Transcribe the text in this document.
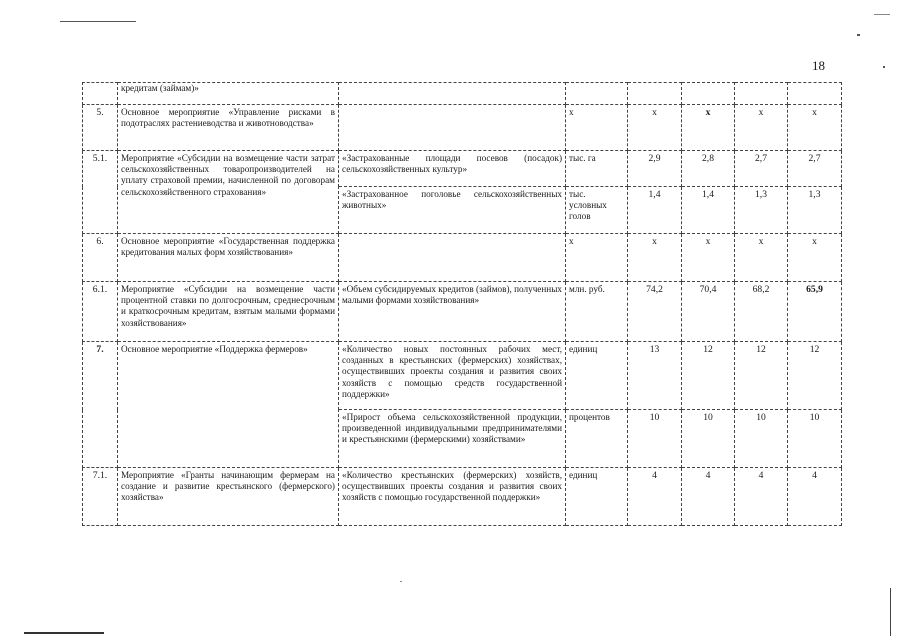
18
	кредитам (займам)»						
5.	Основное мероприятие «Управление рисками в подотраслях растениеводства и животноводства»		х	х	х	х	х
5.1.	Мероприятие «Субсидии на возмещение части затрат сельскохозяйственных товаропроизводителей на уплату страховой премии, начисленной по договорам сельскохозяйственного страхования»	«Застрахованные площади посевов (посадок) сельскохозяйственных культур»	тыс. га	2,9	2,8	2,7	2,7
		«Застрахованное поголовье сельскохозяйственных животных»	тыс. условных голов	1,4	1,4	1,3	1,3
6.	Основное мероприятие «Государственная поддержка кредитования малых форм хозяйствования»		х	х	х	х	х
6.1.	Мероприятие «Субсидии на возмещение части процентной ставки по долгосрочным, среднесрочным и краткосрочным кредитам, взятым малыми формами хозяйствования»	«Объем субсидируемых кредитов (займов), полученных малыми формами хозяйствования»	млн. руб.	74,2	70,4	68,2	65,9
7.	Основное мероприятие «Поддержка фермеров»	«Количество новых постоянных рабочих мест, созданных в крестьянских (фермерских) хозяйствах, осуществивших проекты создания и развития своих хозяйств с помощью средств государственной поддержки»	единиц	13	12	12	12
		«Прирост объема сельскохозяйственной продукции, произведенной индивидуальными предпринимателями и крестьянскими (фермерскими) хозяйствами»	процентов	10	10	10	10
7.1.	Мероприятие «Гранты начинающим фермерам на создание и развитие крестьянского (фермерского) хозяйства»	«Количество крестьянских (фермерских) хозяйств, осуществивших проекты создания и развития своих хозяйств с помощью государственной поддержки»	единиц	4	4	4	4
